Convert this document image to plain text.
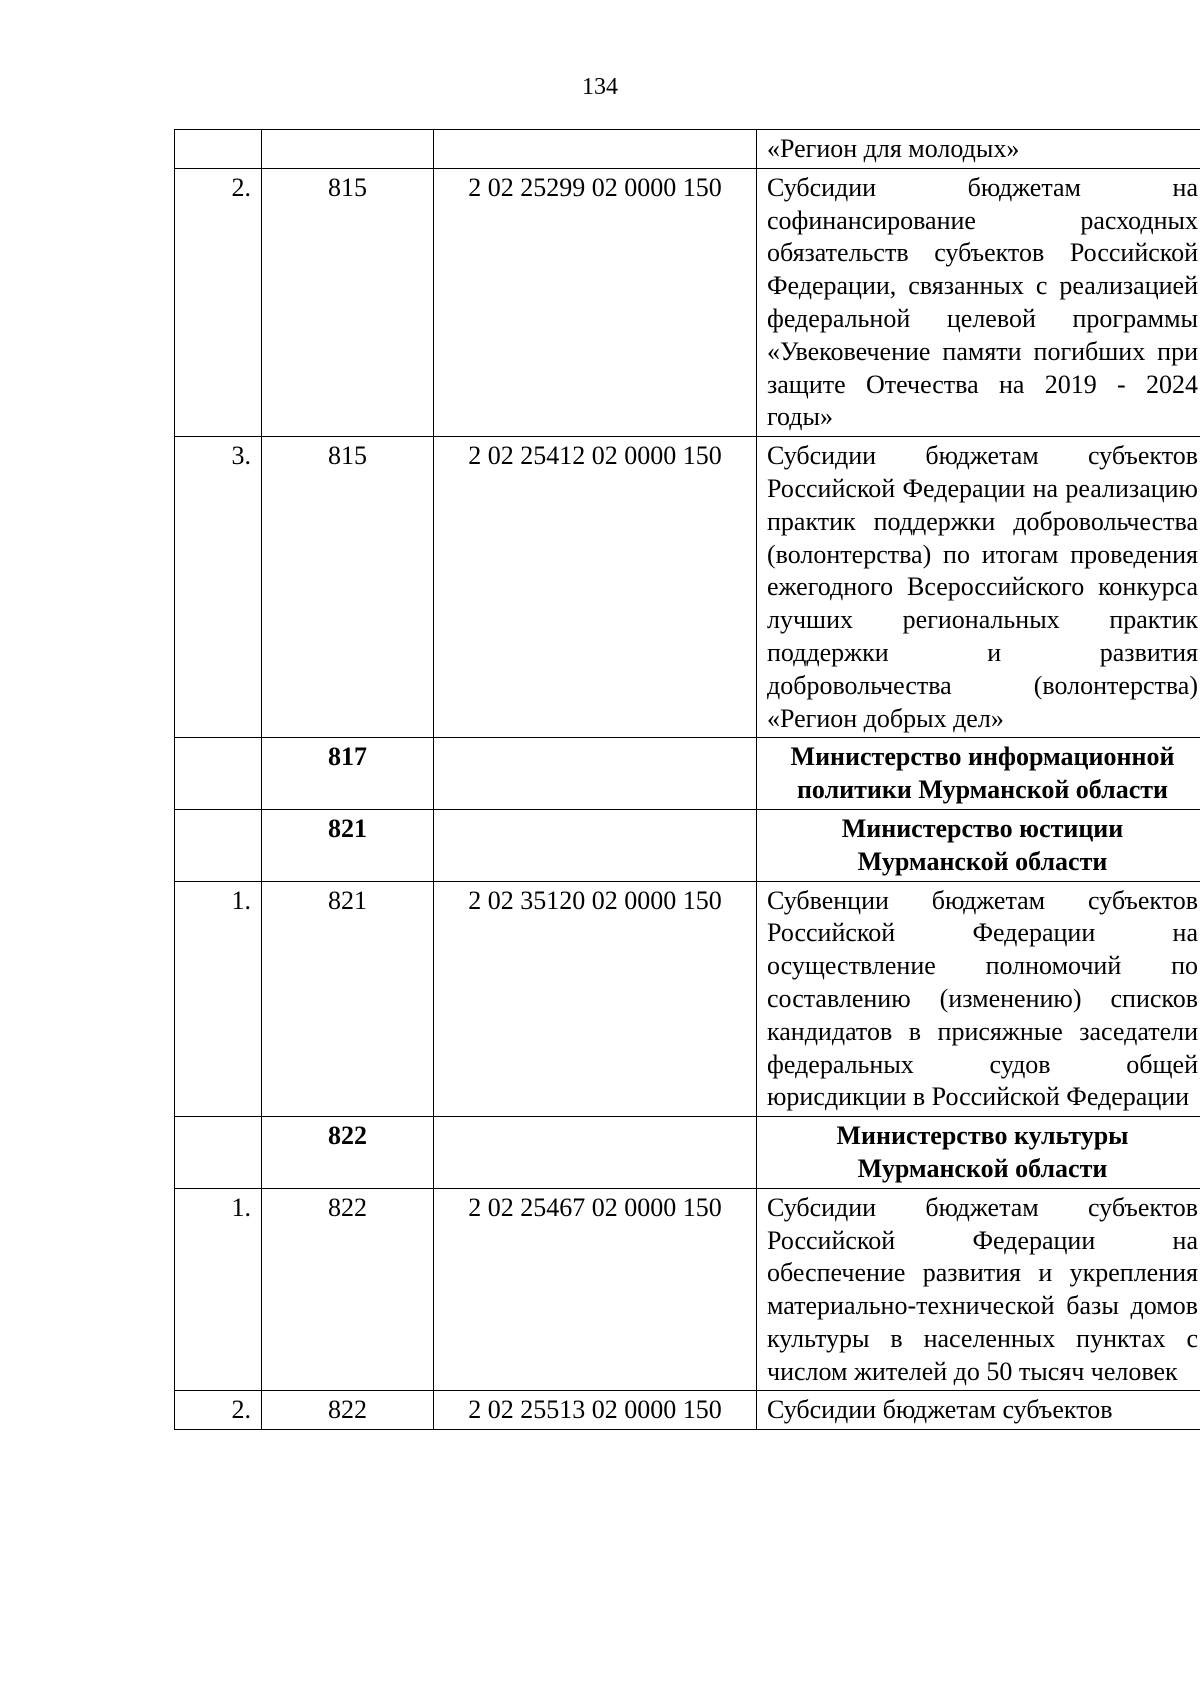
134
			«Регион для молодых»
2.	815	2 02 25299 02 0000 150	Субсидии бюджетам на софинансирование расходных обязательств субъектов Российской Федерации, связанных с реализацией федеральной целевой программы «Увековечение памяти погибших при защите Отечества на 2019 - 2024 годы»
3.	815	2 02 25412 02 0000 150	Субсидии бюджетам субъектов Российской Федерации на реализацию практик поддержки добровольчества (волонтерства) по итогам проведения ежегодного Всероссийского конкурса лучших региональных практик поддержки и развития добровольчества (волонтерства) «Регион добрых дел»
	817		Министерство информационной политики Мурманской области
	821		Министерство юстиции Мурманской области
1.	821	2 02 35120 02 0000 150	Субвенции бюджетам субъектов Российской Федерации на осуществление полномочий по составлению (изменению) списков кандидатов в присяжные заседатели федеральных судов общей юрисдикции в Российской Федерации
	822		Министерство культуры Мурманской области
1.	822	2 02 25467 02 0000 150	Субсидии бюджетам субъектов Российской Федерации на обеспечение развития и укрепления материально-технической базы домов культуры в населенных пунктах с числом жителей до 50 тысяч человек
2.	822	2 02 25513 02 0000 150	Субсидии бюджетам субъектов
